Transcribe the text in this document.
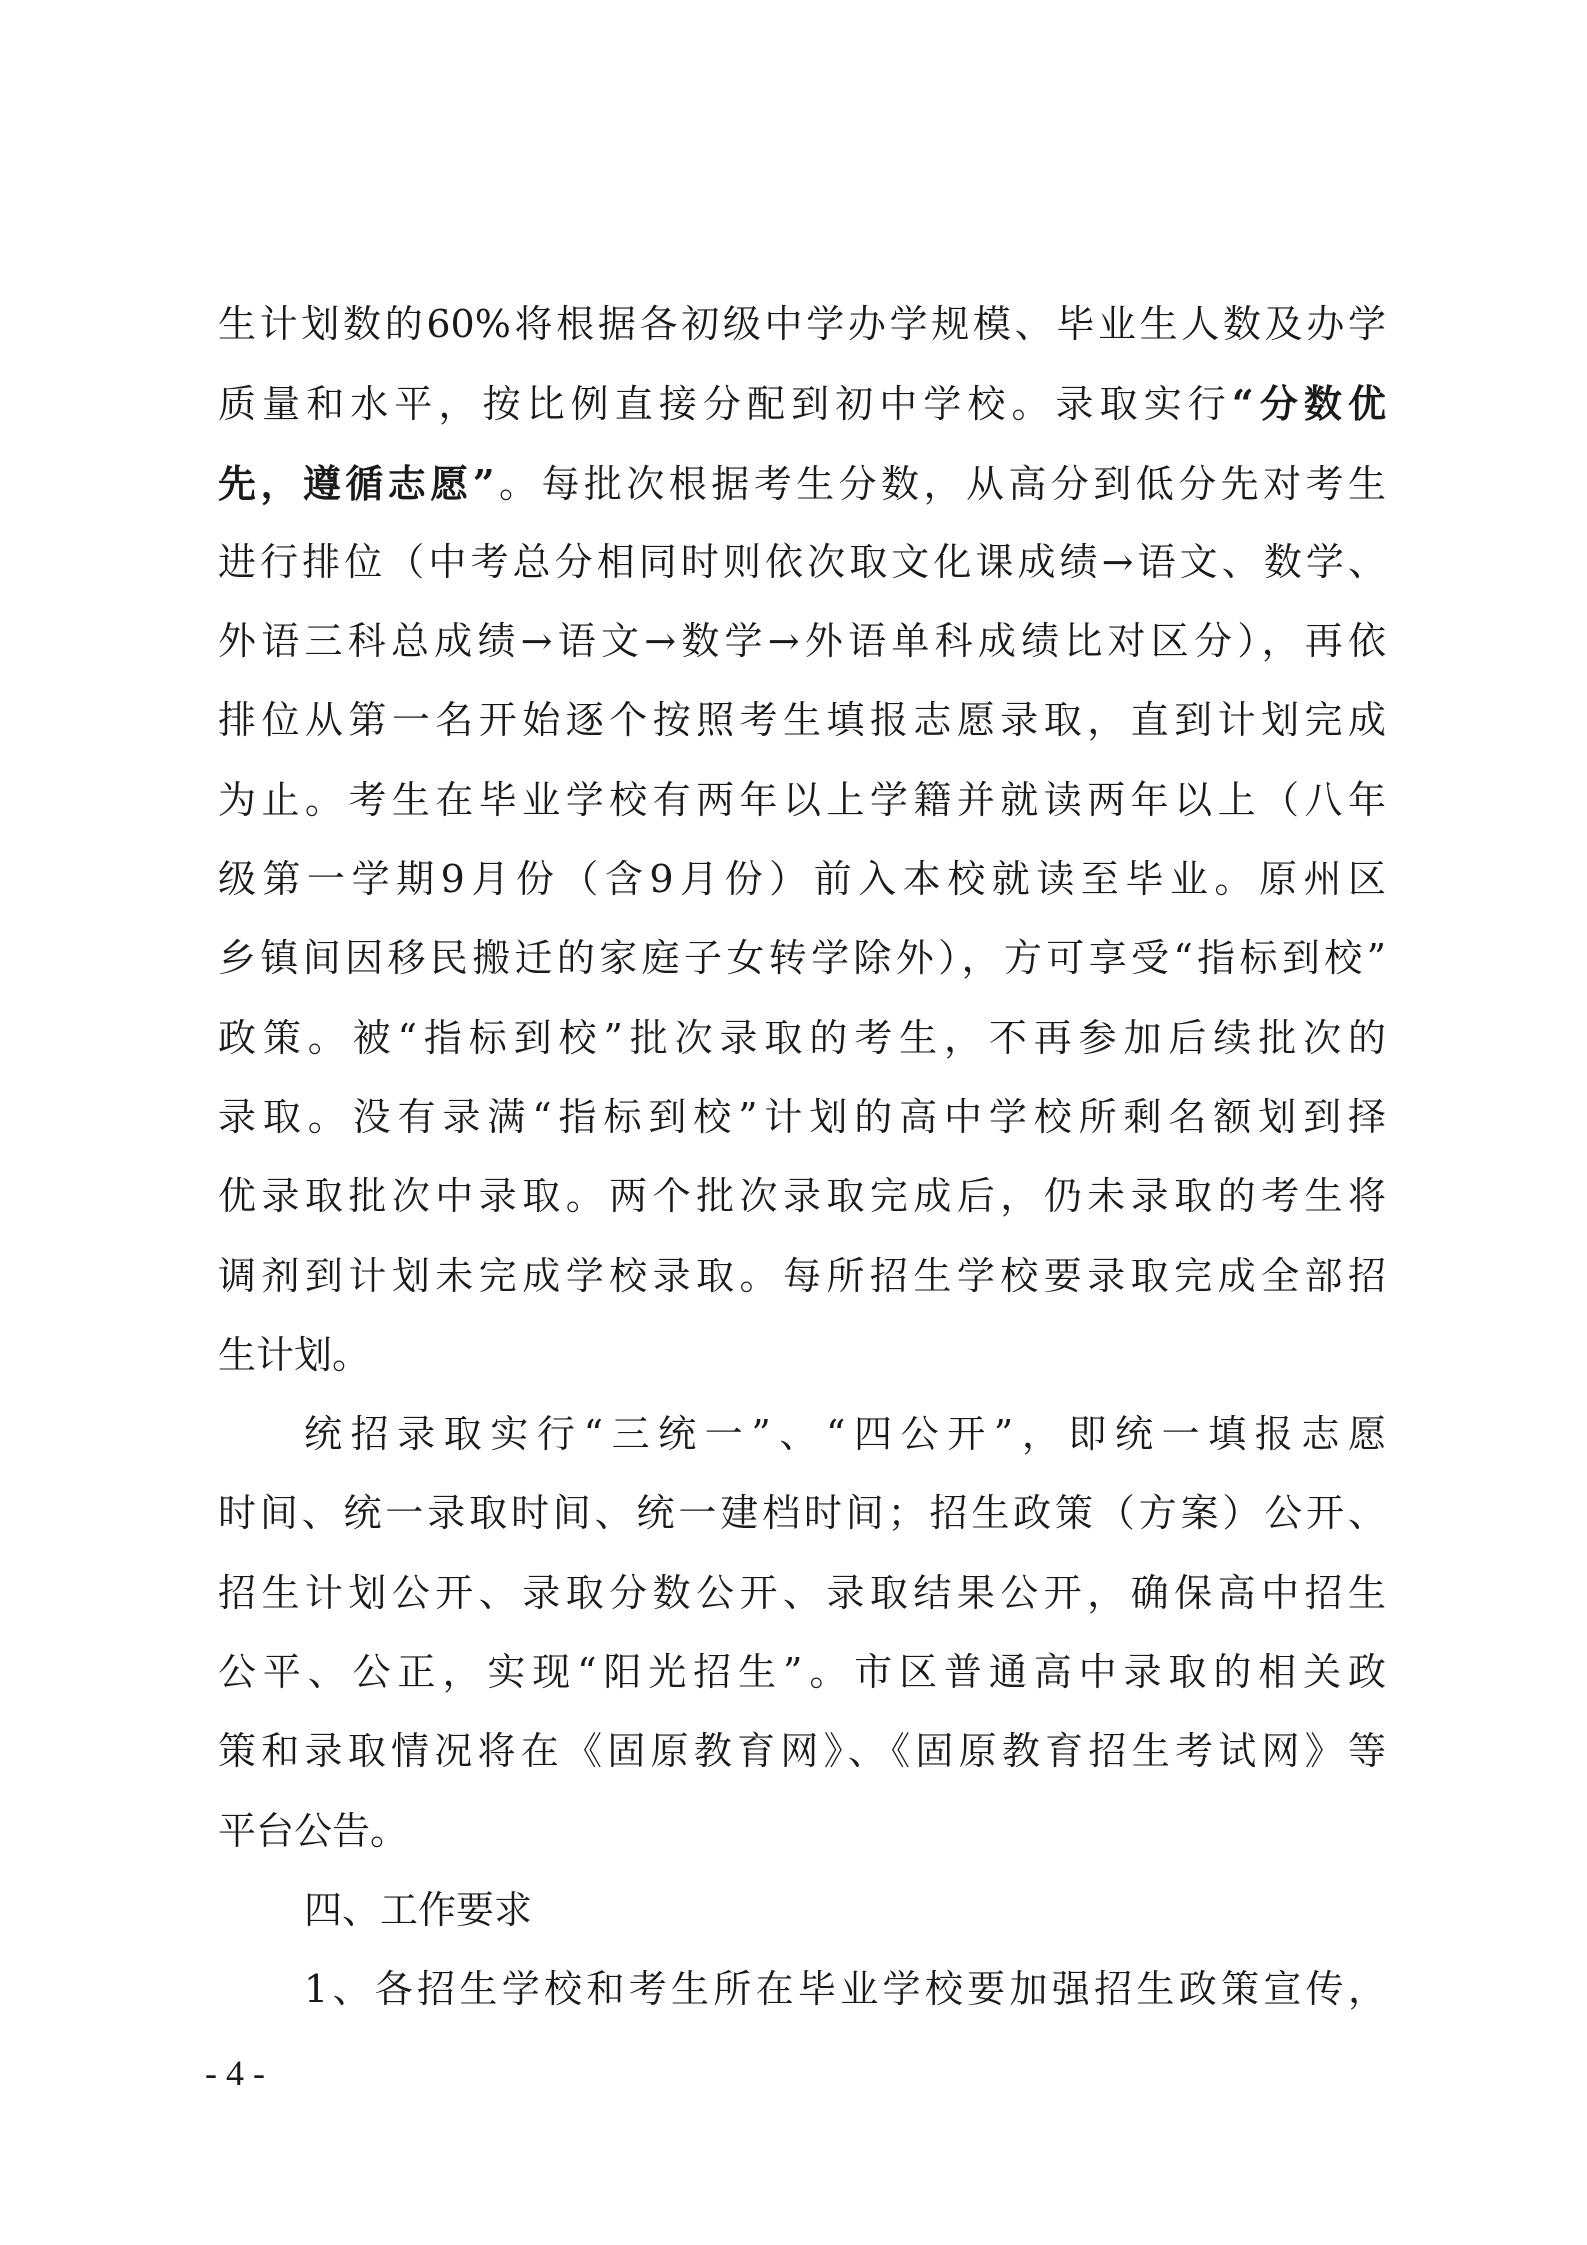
生计划数的60%将根据各初级中学办学规模、毕业生人数及办学
质量和水平，按比例直接分配到初中学校。录取实行“分数优
先，遵循志愿”。每批次根据考生分数，从高分到低分先对考生
进行排位（中考总分相同时则依次取文化课成绩→语文、数学、
外语三科总成绩→语文→数学→外语单科成绩比对区分），再依
排位从第一名开始逐个按照考生填报志愿录取，直到计划完成
为止。考生在毕业学校有两年以上学籍并就读两年以上（八年
级第一学期9月份（含9月份）前入本校就读至毕业。原州区
乡镇间因移民搬迁的家庭子女转学除外），方可享受“指标到校”
政策。被“指标到校”批次录取的考生，不再参加后续批次的
录取。没有录满“指标到校”计划的高中学校所剩名额划到择
优录取批次中录取。两个批次录取完成后，仍未录取的考生将
调剂到计划未完成学校录取。每所招生学校要录取完成全部招
生计划。
统招录取实行“三统一”、“四公开”，即统一填报志愿
时间、统一录取时间、统一建档时间；招生政策（方案）公开、
招生计划公开、录取分数公开、录取结果公开，确保高中招生
公平、公正，实现“阳光招生”。市区普通高中录取的相关政
策和录取情况将在《固原教育网》、《固原教育招生考试网》等
平台公告。
四、工作要求
1、各招生学校和考生所在毕业学校要加强招生政策宣传，
- 4 -
